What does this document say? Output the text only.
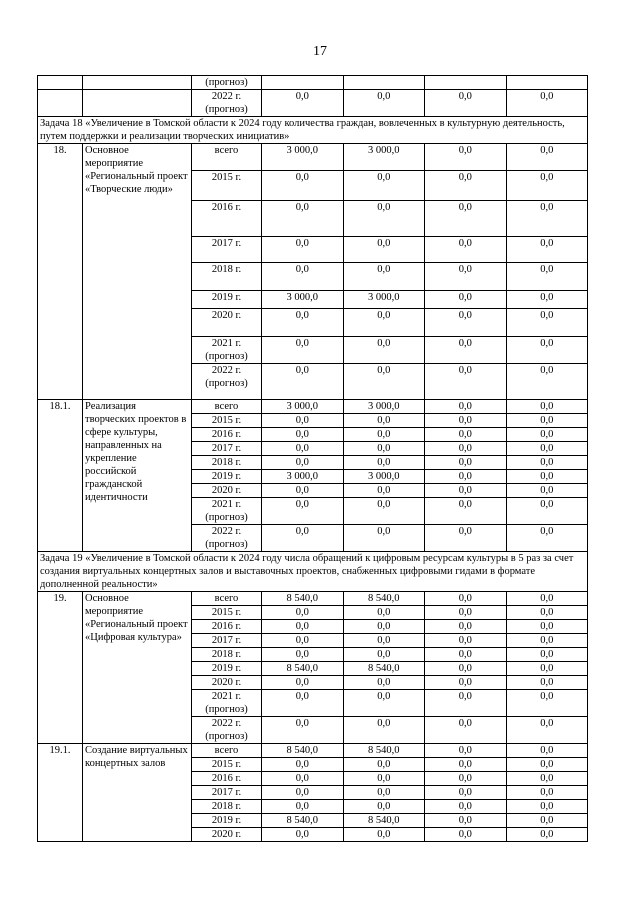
17

		(прогноз)				

		2022 г.
(прогноз)	0,0	0,0	0,0	0,0
Задача 18 «Увеличение в Томской области к 2024 году количества граждан, вовлеченных в культурную деятельность, путем поддержки и реализации творческих инициатив»						
18.	Основное мероприятие «Региональный проект «Творческие люди»	всего	3 000,0	3 000,0	0,0	0,0

		2015 г.	0,0	0,0	0,0	0,0

		2016 г.	0,0	0,0	0,0	0,0

		2017 г.	0,0	0,0	0,0	0,0

		2018 г.	0,0	0,0	0,0	0,0

		2019 г.	3 000,0	3 000,0	0,0	0,0

		2020 г.	0,0	0,0	0,0	0,0

		2021 г.
(прогноз)	0,0	0,0	0,0	0,0

		2022 г.
(прогноз)	0,0	0,0	0,0	0,0
18.1.	Реализация творческих проектов в сфере культуры, направленных на укрепление российской гражданской идентичности	всего	3 000,0	3 000,0	0,0	0,0

		2015 г.	0,0	0,0	0,0	0,0

		2016 г.	0,0	0,0	0,0	0,0

		2017 г.	0,0	0,0	0,0	0,0

		2018 г.	0,0	0,0	0,0	0,0

		2019 г.	3 000,0	3 000,0	0,0	0,0

		2020 г.	0,0	0,0	0,0	0,0

		2021 г.
(прогноз)	0,0	0,0	0,0	0,0

		2022 г.
(прогноз)	0,0	0,0	0,0	0,0
Задача 19 «Увеличение в Томской области к 2024 году числа обращений к цифровым ресурсам культуры в 5 раз за счет создания виртуальных концертных залов и выставочных проектов, снабженных цифровыми гидами в формате дополненной реальности»						
19.	Основное мероприятие «Региональный проект «Цифровая культура»	всего	8 540,0	8 540,0	0,0	0,0

		2015 г.	0,0	0,0	0,0	0,0

		2016 г.	0,0	0,0	0,0	0,0

		2017 г.	0,0	0,0	0,0	0,0

		2018 г.	0,0	0,0	0,0	0,0

		2019 г.	8 540,0	8 540,0	0,0	0,0

		2020 г.	0,0	0,0	0,0	0,0

		2021 г.
(прогноз)	0,0	0,0	0,0	0,0

		2022 г.
(прогноз)	0,0	0,0	0,0	0,0
19.1.	Создание виртуальных концертных залов	всего	8 540,0	8 540,0	0,0	0,0

		2015 г.	0,0	0,0	0,0	0,0

		2016 г.	0,0	0,0	0,0	0,0

		2017 г.	0,0	0,0	0,0	0,0

		2018 г.	0,0	0,0	0,0	0,0

		2019 г.	8 540,0	8 540,0	0,0	0,0

		2020 г.	0,0	0,0	0,0	0,0
